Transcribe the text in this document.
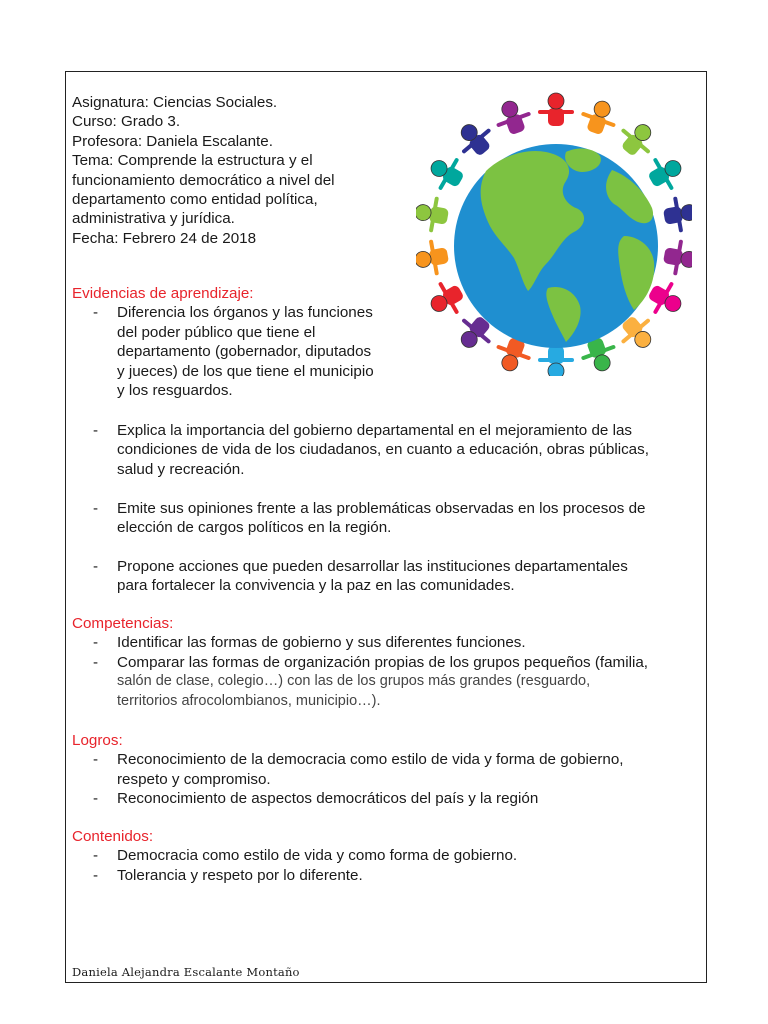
Asignatura: Ciencias Sociales.
Curso: Grado 3.
Profesora: Daniela Escalante.
Tema: Comprende la estructura y el
funcionamiento democrático a nivel del
departamento como entidad política,
administrativa y jurídica.
Fecha: Febrero 24 de 2018
Evidencias de aprendizaje:
- Diferencia los órganos y las funciones
del poder público que tiene el
departamento (gobernador, diputados
y jueces) de los que tiene el municipio
y los resguardos.
- Explica la importancia del gobierno departamental en el mejoramiento de las
condiciones de vida de los ciudadanos, en cuanto a educación, obras públicas,
salud y recreación.
- Emite sus opiniones frente a las problemáticas observadas en los procesos de
elección de cargos políticos en la región.
- Propone acciones que pueden desarrollar las instituciones departamentales
para fortalecer la convivencia y la paz en las comunidades.
Competencias:
- Identificar las formas de gobierno y sus diferentes funciones.
- Comparar las formas de organización propias de los grupos pequeños (familia,
salón de clase, colegio…) con las de los grupos más grandes (resguardo,
territorios afrocolombianos, municipio…).
Logros:
- Reconocimiento de la democracia como estilo de vida y forma de gobierno,
respeto y compromiso.
- Reconocimiento de aspectos democráticos del país y la región
Contenidos:
- Democracia como estilo de vida y como forma de gobierno.
- Tolerancia y respeto por lo diferente.
Daniela Alejandra Escalante Montaño
